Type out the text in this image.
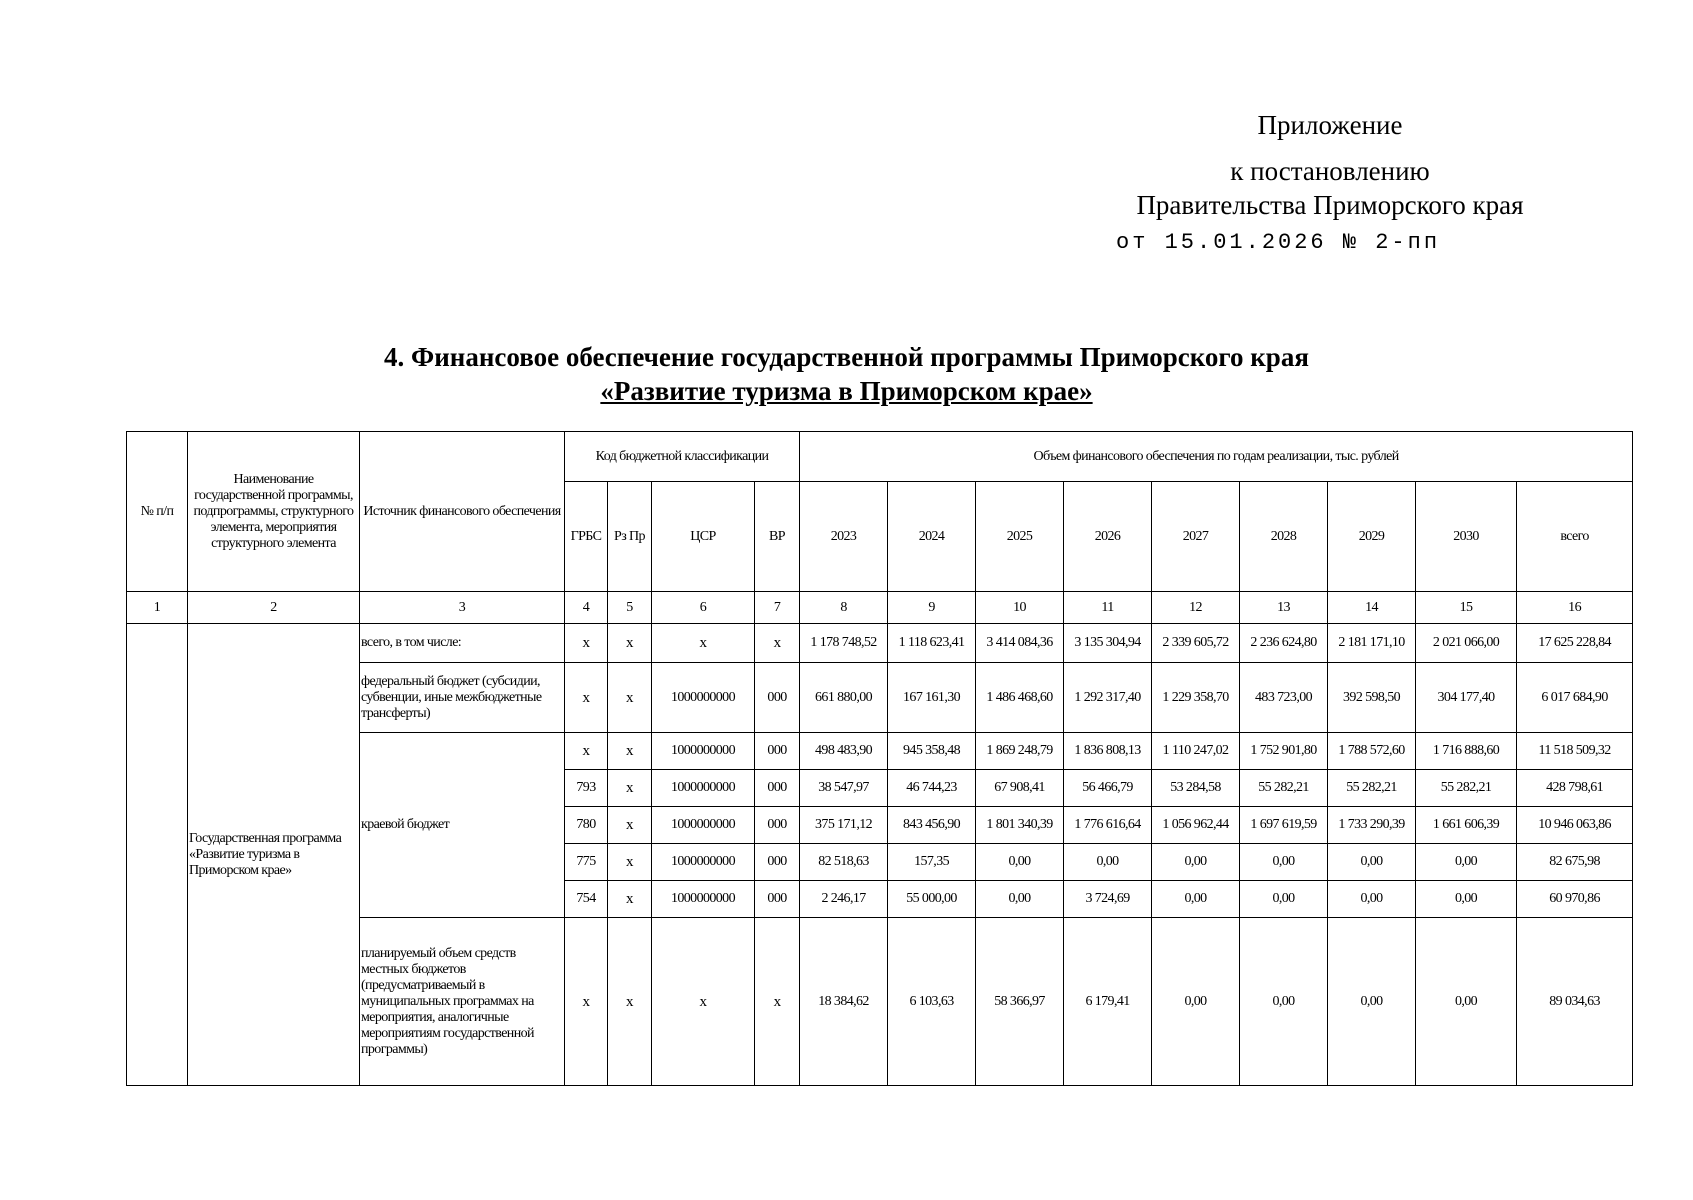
Приложение
к постановлению
Правительства Приморского края
от 15.01.2026 № 2-пп
4. Финансовое обеспечение государственной программы Приморского края
«Развитие туризма в Приморском крае»
№ п/п	Наименование государственной программы, подпрограммы, структурного элемента, мероприятия структурного элемента	Источник финансового обеспечения	Код бюджетной классификации				Объем финансового обеспечения по годам реализации, тыс. рублей								
			ГРБС	Рз Пр	ЦСР	ВР	2023	2024	2025	2026	2027	2028	2029	2030	всего
1	2	3	4	5	6	7	8	9	10	11	12	13	14	15	16
	Государственная программа «Развитие туризма в Приморском крае»	всего, в том числе:	x	x	x	x	1 178 748,52	1 118 623,41	3 414 084,36	3 135 304,94	2 339 605,72	2 236 624,80	2 181 171,10	2 021 066,00	17 625 228,84
		федеральный бюджет (субсидии, субвенции, иные межбюджетные трансферты)	x	x	1000000000	000	661 880,00	167 161,30	1 486 468,60	1 292 317,40	1 229 358,70	483 723,00	392 598,50	304 177,40	6 017 684,90
		краевой бюджет	x	x	1000000000	000	498 483,90	945 358,48	1 869 248,79	1 836 808,13	1 110 247,02	1 752 901,80	1 788 572,60	1 716 888,60	11 518 509,32
			793	x	1000000000	000	38 547,97	46 744,23	67 908,41	56 466,79	53 284,58	55 282,21	55 282,21	55 282,21	428 798,61
			780	x	1000000000	000	375 171,12	843 456,90	1 801 340,39	1 776 616,64	1 056 962,44	1 697 619,59	1 733 290,39	1 661 606,39	10 946 063,86
			775	x	1000000000	000	82 518,63	157,35	0,00	0,00	0,00	0,00	0,00	0,00	82 675,98
			754	x	1000000000	000	2 246,17	55 000,00	0,00	3 724,69	0,00	0,00	0,00	0,00	60 970,86
		планируемый объем средств местных бюджетов (предусматриваемый в муниципальных программах на мероприятия, аналогичные мероприятиям государственной программы)	x	x	x	x	18 384,62	6 103,63	58 366,97	6 179,41	0,00	0,00	0,00	0,00	89 034,63
